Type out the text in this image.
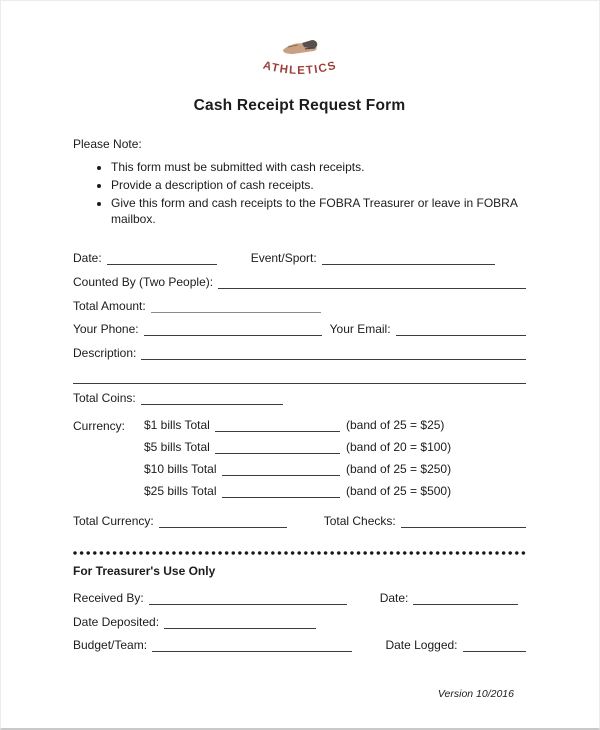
ATHLETICS
Cash Receipt Request Form
Please Note:
• This form must be submitted with cash receipts.
• Provide a description of cash receipts.
• Give this form and cash receipts to the FOBRA Treasurer or leave in FOBRA mailbox.
Date:	Event/Sport:
Counted By (Two People):
Total Amount:
Your Phone:	Your Email:
Description:
Total Coins:
Currency:	$1 bills Total	(band of 25 = $25)
$5 bills Total	(band of 20 = $100)
$10 bills Total	(band of 25 = $250)
$25 bills Total	(band of 25 = $500)
Total Currency:	Total Checks:
For Treasurer's Use Only
Received By:	Date:
Date Deposited:
Budget/Team:	Date Logged:
Version 10/2016
